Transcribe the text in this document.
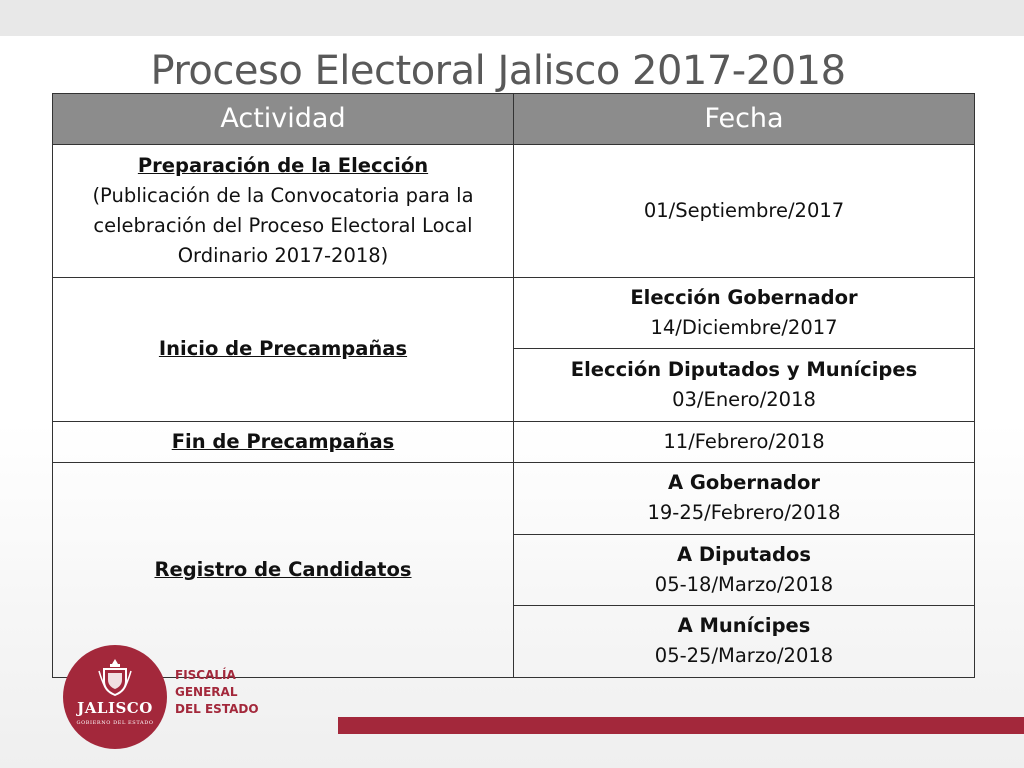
Proceso Electoral Jalisco 2017-2018
Actividad	Fecha

Preparación de la Elección
(Publicación de la Convocatoria para la celebración del Proceso Electoral Local Ordinario 2017-2018)	01/Septiembre/2017

Inicio de Precampañas	Elección Gobernador
14/Diciembre/2017

	Elección Diputados y Munícipes
03/Enero/2018

Fin de Precampañas	11/Febrero/2018

Registro de Candidatos	A Gobernador
19-25/Febrero/2018

	A Diputados
05-18/Marzo/2018

	A Munícipes
05-25/Marzo/2018
JALISCO
GOBIERNO DEL ESTADO
FISCALÍA
GENERAL
DEL ESTADO
